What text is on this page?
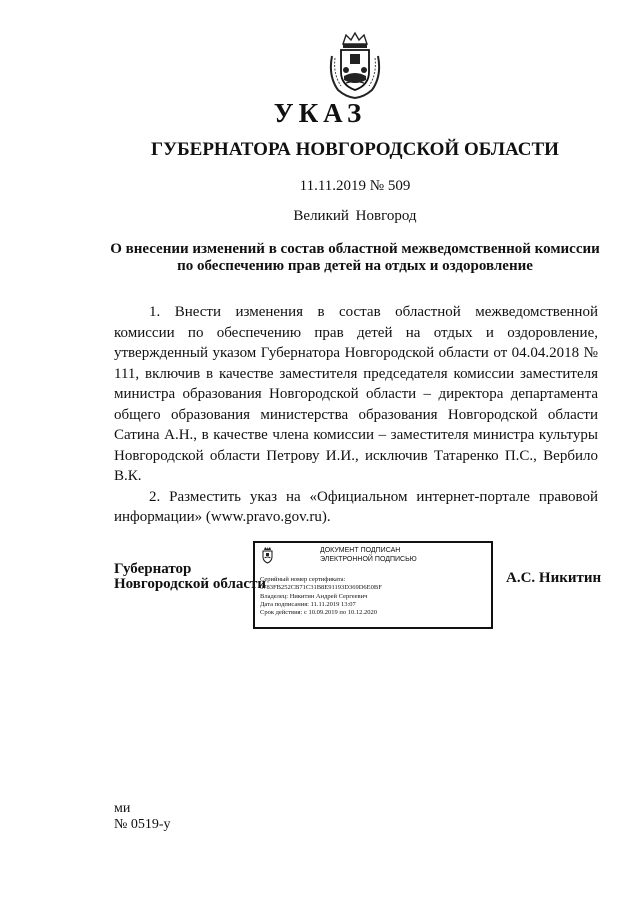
УКАЗ
ГУБЕРНАТОРА НОВГОРОДСКОЙ ОБЛАСТИ
11.11.2019 № 509
Великий Новгород
О внесении изменений в состав областной межведомственной комиссии
по обеспечению прав детей на отдых и оздоровление

1. Внести изменения в состав областной межведомственной комиссии по обеспечению прав детей на отдых и оздоровление, утвержденный указом Губернатора Новгородской области от 04.04.2018 № 111, включив в качестве заместителя председателя комиссии заместителя министра образования Новгородской области – директора департамента общего образования министерства образования Новгородской области Сатина А.Н., в качестве члена комиссии – заместителя министра культуры Новгородской области Петрову И.И., исключив Татаренко П.С., Вербило В.К.

2. Разместить указ на «Официальном интернет-портале правовой информации» (www.pravo.gov.ru).

Губернатор
Новгородской области
ДОКУМЕНТ ПОДПИСАН
ЭЛЕКТРОННОЙ ПОДПИСЬЮ
Серийный номер сертификата:
0783FB252CB71C31B8E91193D369D6E0BF
Владелец: Никитин Андрей Сергеевич
Дата подписания: 11.11.2019 13:07
Срок действия: с 10.09.2019 по 10.12.2020
А.С. Никитин
ми
№ 0519-у
